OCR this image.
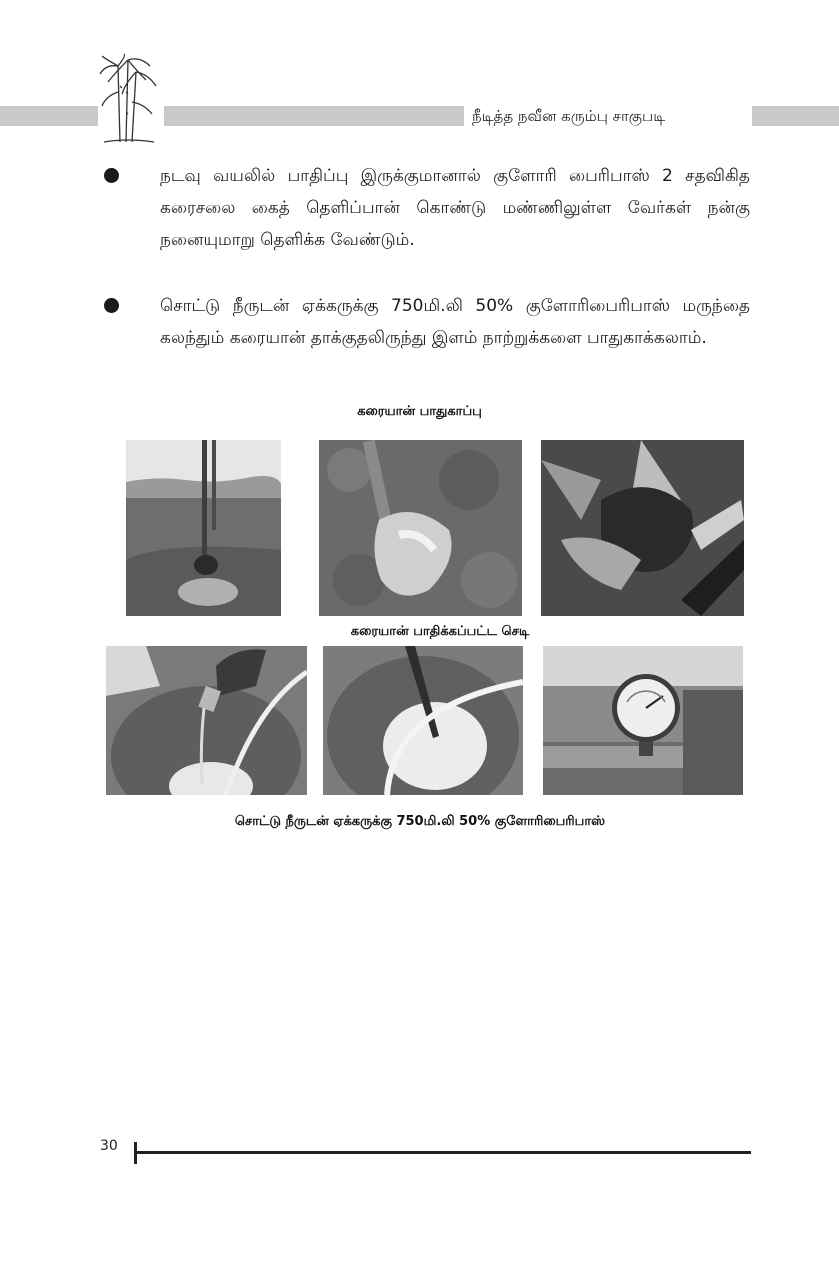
நீடித்த நவீன கரும்பு சாகுபடி
நடவு வயலில் பாதிப்பு இருக்குமானால் குளோரி பைரிபாஸ் 2 சதவிகித கரைசலை கைத் தெளிப்பான் கொண்டு மண்ணிலுள்ள வேர்கள் நன்கு நனையுமாறு தெளிக்க வேண்டும்.
சொட்டு நீருடன் ஏக்கருக்கு 750மி.லி 50% குளோரிபைரிபாஸ் மருந்தை கலந்தும் கரையான் தாக்குதலிருந்து இளம் நாற்றுக்களை பாதுகாக்கலாம்.
கரையான் பாதுகாப்பு
கரையான் பாதிக்கப்பட்ட செடி
சொட்டு நீருடன் ஏக்கருக்கு 750மி.லி 50% குளோரிபைரிபாஸ்
30
